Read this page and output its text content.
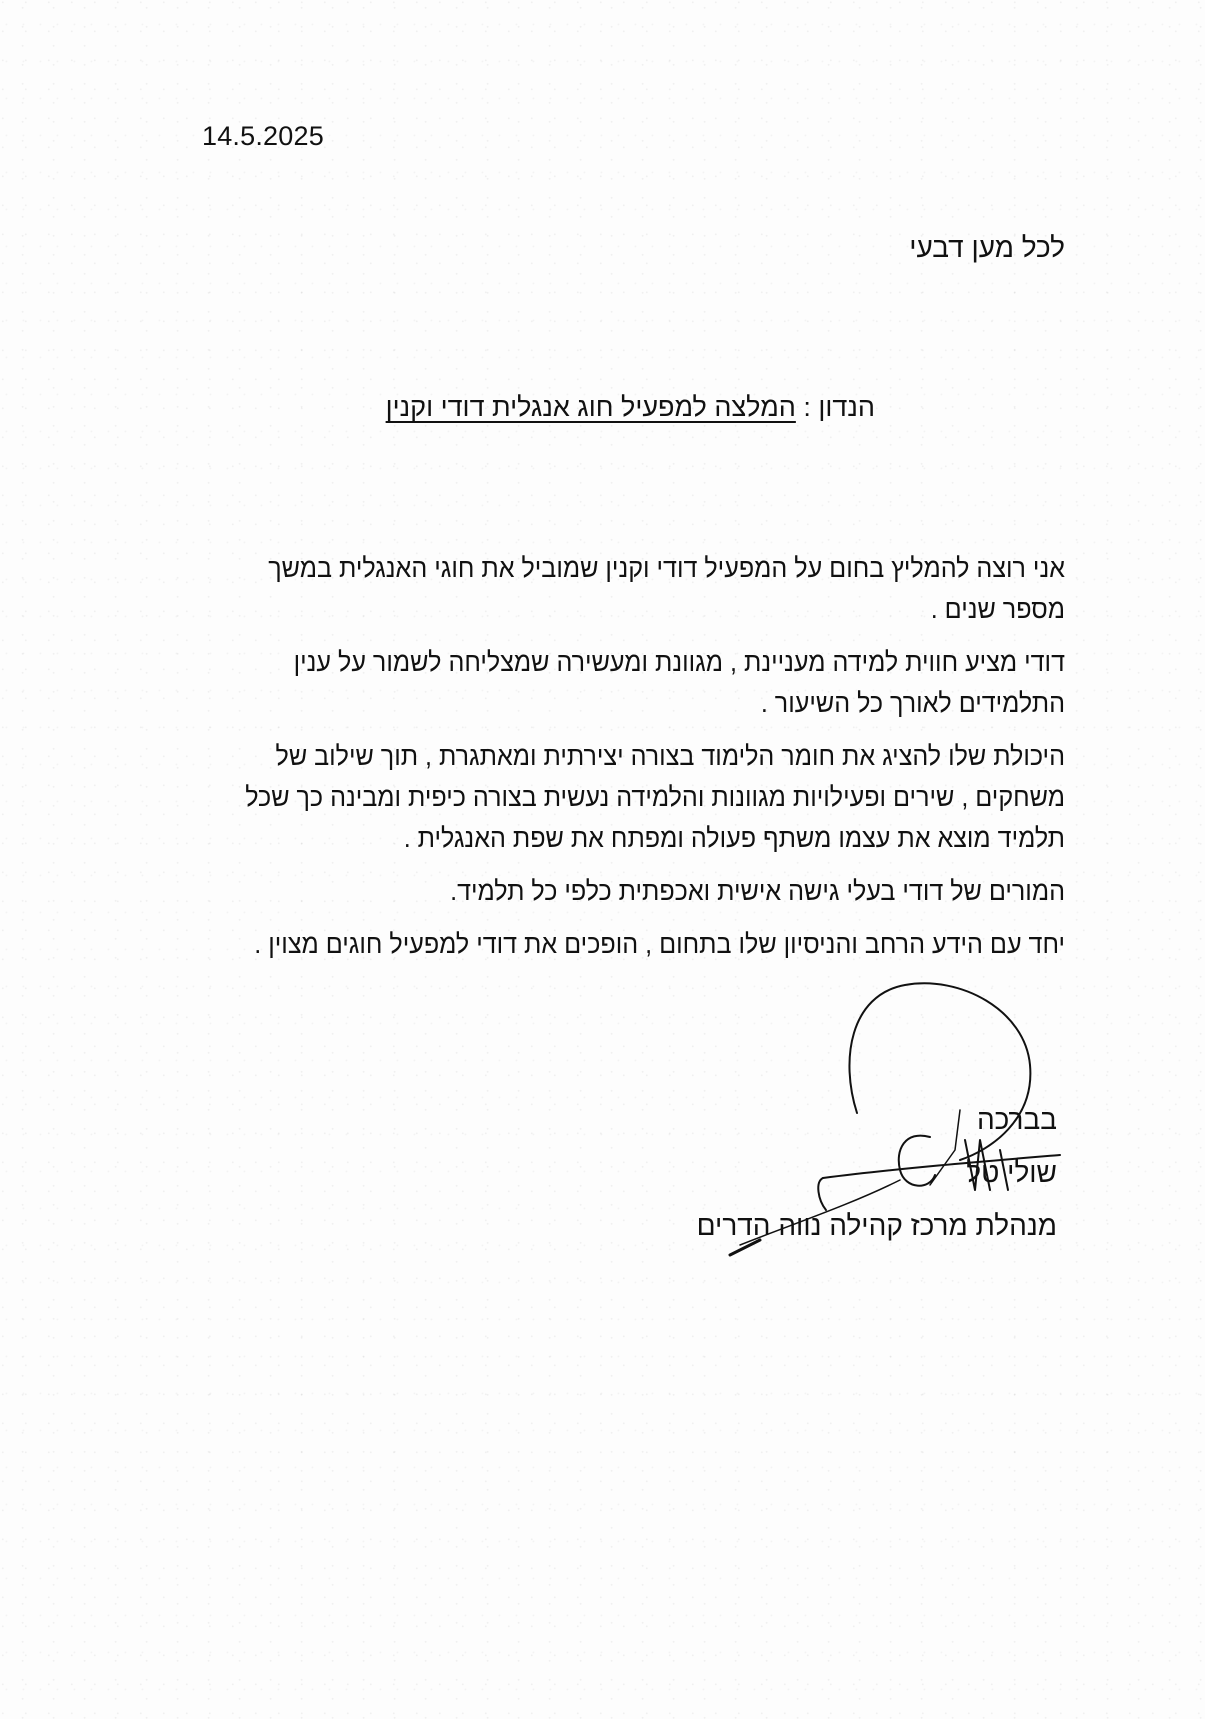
14.5.2025
לכל מען דבעי
הנדון : המלצה למפעיל חוג אנגלית דודי וקנין

אני רוצה להמליץ בחום על המפעיל דודי וקנין שמוביל את חוגי האנגלית במשך מספר שנים .

דודי מציע חווית למידה מעניינת , מגוונת ומעשירה שמצליחה לשמור על ענין התלמידים לאורך כל השיעור .

היכולת שלו להציג את חומר הלימוד בצורה יצירתית ומאתגרת , תוך שילוב של משחקים , שירים ופעילויות מגוונות והלמידה נעשית בצורה כיפית ומבינה כך שכל תלמיד מוצא את עצמו משתף פעולה ומפתח את שפת האנגלית .

המורים של דודי בעלי גישה אישית ואכפתית כלפי כל תלמיד.

יחד עם הידע הרחב והניסיון שלו בתחום , הופכים את דודי למפעיל חוגים מצוין .

בברכה
שולי טל
מנהלת מרכז קהילה נווה הדרים
